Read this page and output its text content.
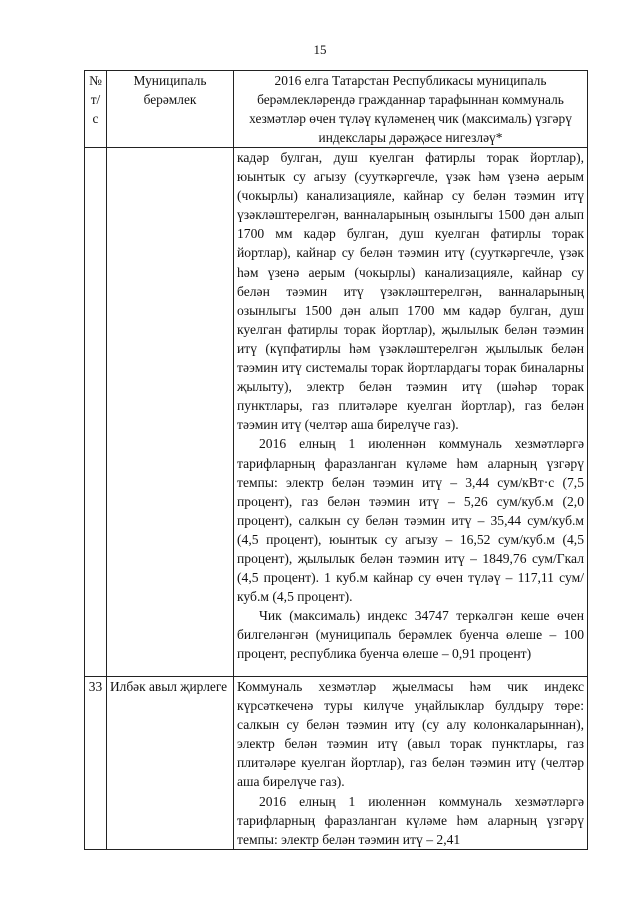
15
№ т/с	Муниципаль берәмлек	2016 елга Татарстан Республикасы муниципаль берәмлекләрендә гражданнар тарафыннан коммуналь хезмәтләр өчен түләү күләменең чик (максималь) үзгәрү индекслары дәрәҗәсе нигезләү*

		кадәр булган, душ куелган фатирлы торак йортлар), юынтык су агызу (сууткәргечле, үзәк һәм үзенә аерым (чокырлы) канализацияле, кайнар су белән тәэмин итү үзәкләштерелгән, ванналарының озынлыгы 1500 дән алып 1700 мм кадәр булган, душ куелган фатирлы торак йортлар), кайнар су белән тәэмин итү (сууткәргечле, үзәк һәм үзенә аерым (чокырлы) канализацияле, кайнар су белән тәэмин итү үзәкләштерелгән, ванналарының озынлыгы 1500 дән алып 1700 мм кадәр булган, душ куелган фатирлы торак йортлар), җылылык белән тәэмин итү (күпфатирлы һәм үзәкләштерелгән җылылык белән тәэмин итү системалы торак йортлардагы торак биналарны җылыту), электр белән тәэмин итү (шәһәр торак пунктлары, газ плитәләре куелган йортлар), газ белән тәэмин итү (челтәр аша бирелүче газ).

2016 елның 1 июленнән коммуналь хезмәтләргә тарифларның фаразланган күләме һәм аларның үзгәрү темпы: электр белән тәэмин итү – 3,44 сум/кВт·с (7,5 процент), газ белән тәэмин итү – 5,26 сум/куб.м (2,0 процент), салкын су белән тәэмин итү – 35,44 сум/куб.м (4,5 процент), юынтык су агызу – 16,52 сум/куб.м (4,5 процент), җылылык белән тәэмин итү – 1849,76 сум/Гкал (4,5 процент). 1 куб.м кайнар су өчен түләү – 117,11 сум/куб.м (4,5 процент).

Чик (максималь) индекс 34747 теркәлгән кеше өчен билгеләнгән (муниципаль берәмлек буенча өлеше – 100 процент, республика буенча өлеше – 0,91 процент)

33	Илбәк авыл җирлеге	Коммуналь хезмәтләр җыелмасы һәм чик индекс күрсәткеченә туры килүче уңайлыклар булдыру төре: салкын су белән тәэмин итү (су алу колонкаларыннан), электр белән тәэмин итү (авыл торак пунктлары, газ плитәләре куелган йортлар), газ белән тәэмин итү (челтәр аша бирелүче газ).

2016 елның 1 июленнән коммуналь хезмәтләргә тарифларның фаразланган күләме һәм аларның үзгәрү темпы: электр белән тәэмин итү – 2,41
